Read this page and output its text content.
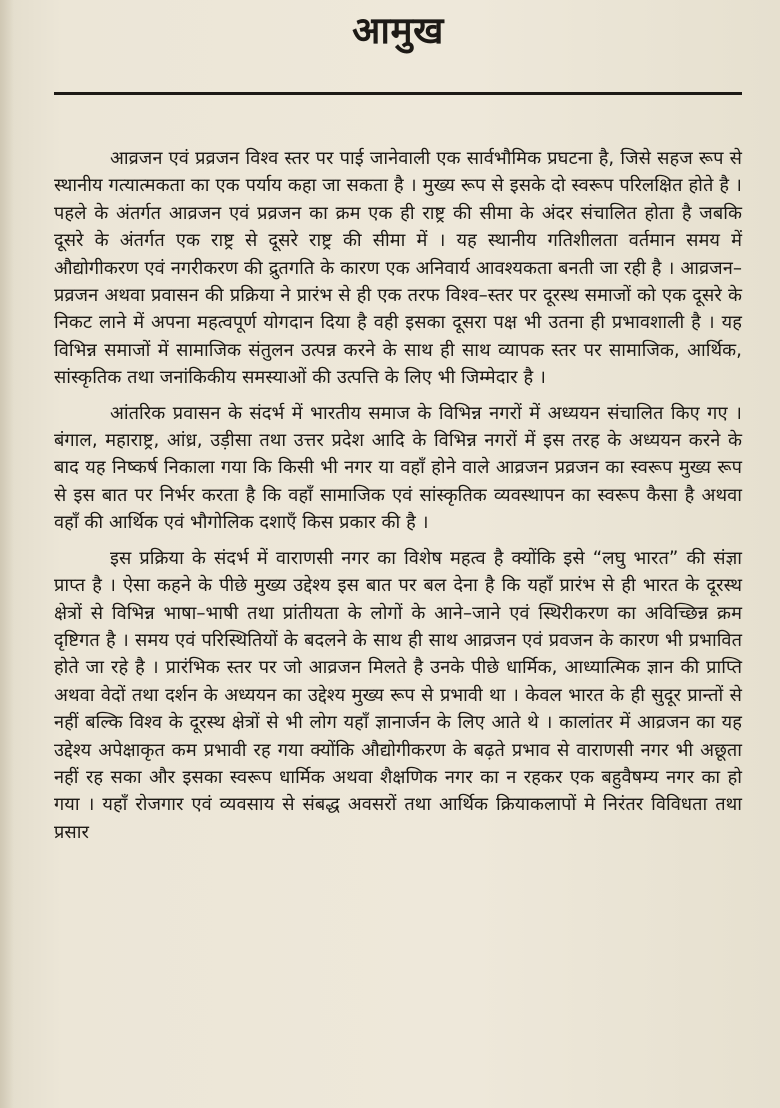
आमुख

आव्रजन एवं प्रव्रजन विश्व स्तर पर पाई जानेवाली एक सार्वभौमिक प्रघटना है, जिसे सहज रूप से स्थानीय गत्यात्मकता का एक पर्याय कहा जा सकता है । मुख्य रूप से इसके दो स्वरूप परिलक्षित होते है । पहले के अंतर्गत आव्रजन एवं प्रव्रजन का क्रम एक ही राष्ट्र की सीमा के अंदर संचालित होता है जबकि दूसरे के अंतर्गत एक राष्ट्र से दूसरे राष्ट्र की सीमा में । यह स्थानीय गतिशीलता वर्तमान समय में औद्योगीकरण एवं नगरीकरण की द्रुतगति के कारण एक अनिवार्य आवश्यकता बनती जा रही है । आव्रजन–प्रव्रजन अथवा प्रवासन की प्रक्रिया ने प्रारंभ से ही एक तरफ विश्व–स्तर पर दूरस्थ समाजों को एक दूसरे के निकट लाने में अपना महत्वपूर्ण योगदान दिया है वही इसका दूसरा पक्ष भी उतना ही प्रभावशाली है । यह विभिन्न समाजों में सामाजिक संतुलन उत्पन्न करने के साथ ही साथ व्यापक स्तर पर सामाजिक, आर्थिक, सांस्कृतिक तथा जनांकिकीय समस्याओं की उत्पत्ति के लिए भी जिम्मेदार है ।

आंतरिक प्रवासन के संदर्भ में भारतीय समाज के विभिन्न नगरों में अध्ययन संचालित किए गए । बंगाल, महाराष्ट्र, आंध्र, उड़ीसा तथा उत्तर प्रदेश आदि के विभिन्न नगरों में इस तरह के अध्ययन करने के बाद यह निष्कर्ष निकाला गया कि किसी भी नगर या वहाँ होने वाले आव्रजन प्रव्रजन का स्वरूप मुख्य रूप से इस बात पर निर्भर करता है कि वहाँ सामाजिक एवं सांस्कृतिक व्यवस्थापन का स्वरूप कैसा है अथवा वहाँ की आर्थिक एवं भौगोलिक दशाएँ किस प्रकार की है ।

इस प्रक्रिया के संदर्भ में वाराणसी नगर का विशेष महत्व है क्योंकि इसे “लघु भारत” की संज्ञा प्राप्त है । ऐसा कहने के पीछे मुख्य उद्देश्य इस बात पर बल देना है कि यहाँ प्रारंभ से ही भारत के दूरस्थ क्षेत्रों से विभिन्न भाषा–भाषी तथा प्रांतीयता के लोगों के आने–जाने एवं स्थिरीकरण का अविच्छिन्न क्रम दृष्टिगत है । समय एवं परिस्थितियों के बदलने के साथ ही साथ आव्रजन एवं प्रवजन के कारण भी प्रभावित होते जा रहे है । प्रारंभिक स्तर पर जो आव्रजन मिलते है उनके पीछे धार्मिक, आध्यात्मिक ज्ञान की प्राप्ति अथवा वेदों तथा दर्शन के अध्ययन का उद्देश्य मुख्य रूप से प्रभावी था । केवल भारत के ही सुदूर प्रान्तों से नहीं बल्कि विश्व के दूरस्थ क्षेत्रों से भी लोग यहाँ ज्ञानार्जन के लिए आते थे । कालांतर में आव्रजन का यह उद्देश्य अपेक्षाकृत कम प्रभावी रह गया क्योंकि औद्योगीकरण के बढ़ते प्रभाव से वाराणसी नगर भी अछूता नहीं रह सका और इसका स्वरूप धार्मिक अथवा शैक्षणिक नगर का न रहकर एक बहुवैषम्य नगर का हो गया । यहाँ रोजगार एवं व्यवसाय से संबद्ध अवसरों तथा आर्थिक क्रियाकलापों मे निरंतर विविधता तथा प्रसार
